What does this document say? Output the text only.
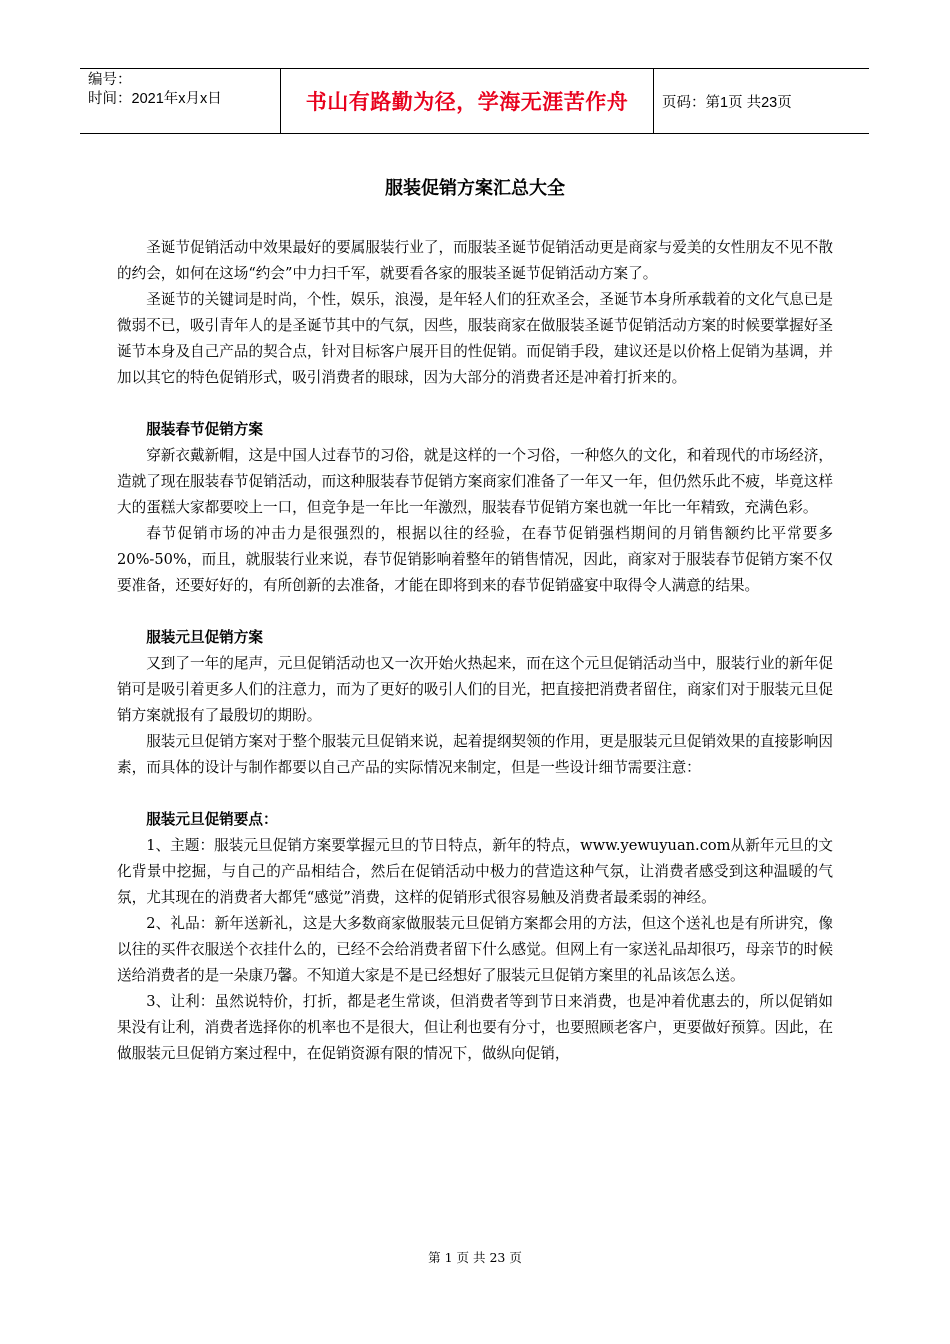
编号：
时间：2021年x月x日	书山有路勤为径，学海无涯苦作舟	页码：第1页 共23页
服装促销方案汇总大全

圣诞节促销活动中效果最好的要属服装行业了，而服装圣诞节促销活动更是商家与爱美的女性朋友不见不散的约会，如何在这场“约会”中力扫千军，就要看各家的服装圣诞节促销活动方案了。

圣诞节的关键词是时尚，个性，娱乐，浪漫，是年轻人们的狂欢圣会，圣诞节本身所承载着的文化气息已是微弱不已，吸引青年人的是圣诞节其中的气氛，因些，服装商家在做服装圣诞节促销活动方案的时候要掌握好圣诞节本身及自己产品的契合点，针对目标客户展开目的性促销。而促销手段，建议还是以价格上促销为基调，并加以其它的特色促销形式，吸引消费者的眼球，因为大部分的消费者还是冲着打折来的。

服装春节促销方案

穿新衣戴新帽，这是中国人过春节的习俗，就是这样的一个习俗，一种悠久的文化，和着现代的市场经济，造就了现在服装春节促销活动，而这种服装春节促销方案商家们准备了一年又一年，但仍然乐此不疲，毕竟这样大的蛋糕大家都要咬上一口，但竞争是一年比一年激烈，服装春节促销方案也就一年比一年精致，充满色彩。

春节促销市场的冲击力是很强烈的，根据以往的经验，在春节促销强档期间的月销售额约比平常要多20%-50%，而且，就服装行业来说，春节促销影响着整年的销售情况，因此，商家对于服装春节促销方案不仅要准备，还要好好的，有所创新的去准备，才能在即将到来的春节促销盛宴中取得令人满意的结果。

服装元旦促销方案

又到了一年的尾声，元旦促销活动也又一次开始火热起来，而在这个元旦促销活动当中，服装行业的新年促销可是吸引着更多人们的注意力，而为了更好的吸引人们的目光，把直接把消费者留住，商家们对于服装元旦促销方案就报有了最殷切的期盼。

服装元旦促销方案对于整个服装元旦促销来说，起着提纲契领的作用，更是服装元旦促销效果的直接影响因素，而具体的设计与制作都要以自己产品的实际情况来制定，但是一些设计细节需要注意：

服装元旦促销要点：

1、主题：服装元旦促销方案要掌握元旦的节日特点，新年的特点，www.yewuyuan.com从新年元旦的文化背景中挖掘，与自己的产品相结合，然后在促销活动中极力的营造这种气氛，让消费者感受到这种温暖的气氛，尤其现在的消费者大都凭“感觉”消费，这样的促销形式很容易触及消费者最柔弱的神经。

2、礼品：新年送新礼，这是大多数商家做服装元旦促销方案都会用的方法，但这个送礼也是有所讲究，像以往的买件衣服送个衣挂什么的，已经不会给消费者留下什么感觉。但网上有一家送礼品却很巧，母亲节的时候送给消费者的是一朵康乃馨。不知道大家是不是已经想好了服装元旦促销方案里的礼品该怎么送。

3、让利：虽然说特价，打折，都是老生常谈，但消费者等到节日来消费，也是冲着优惠去的，所以促销如果没有让利，消费者选择你的机率也不是很大，但让利也要有分寸，也要照顾老客户，更要做好预算。因此，在做服装元旦促销方案过程中，在促销资源有限的情况下，做纵向促销，

第 1 页 共 23 页
